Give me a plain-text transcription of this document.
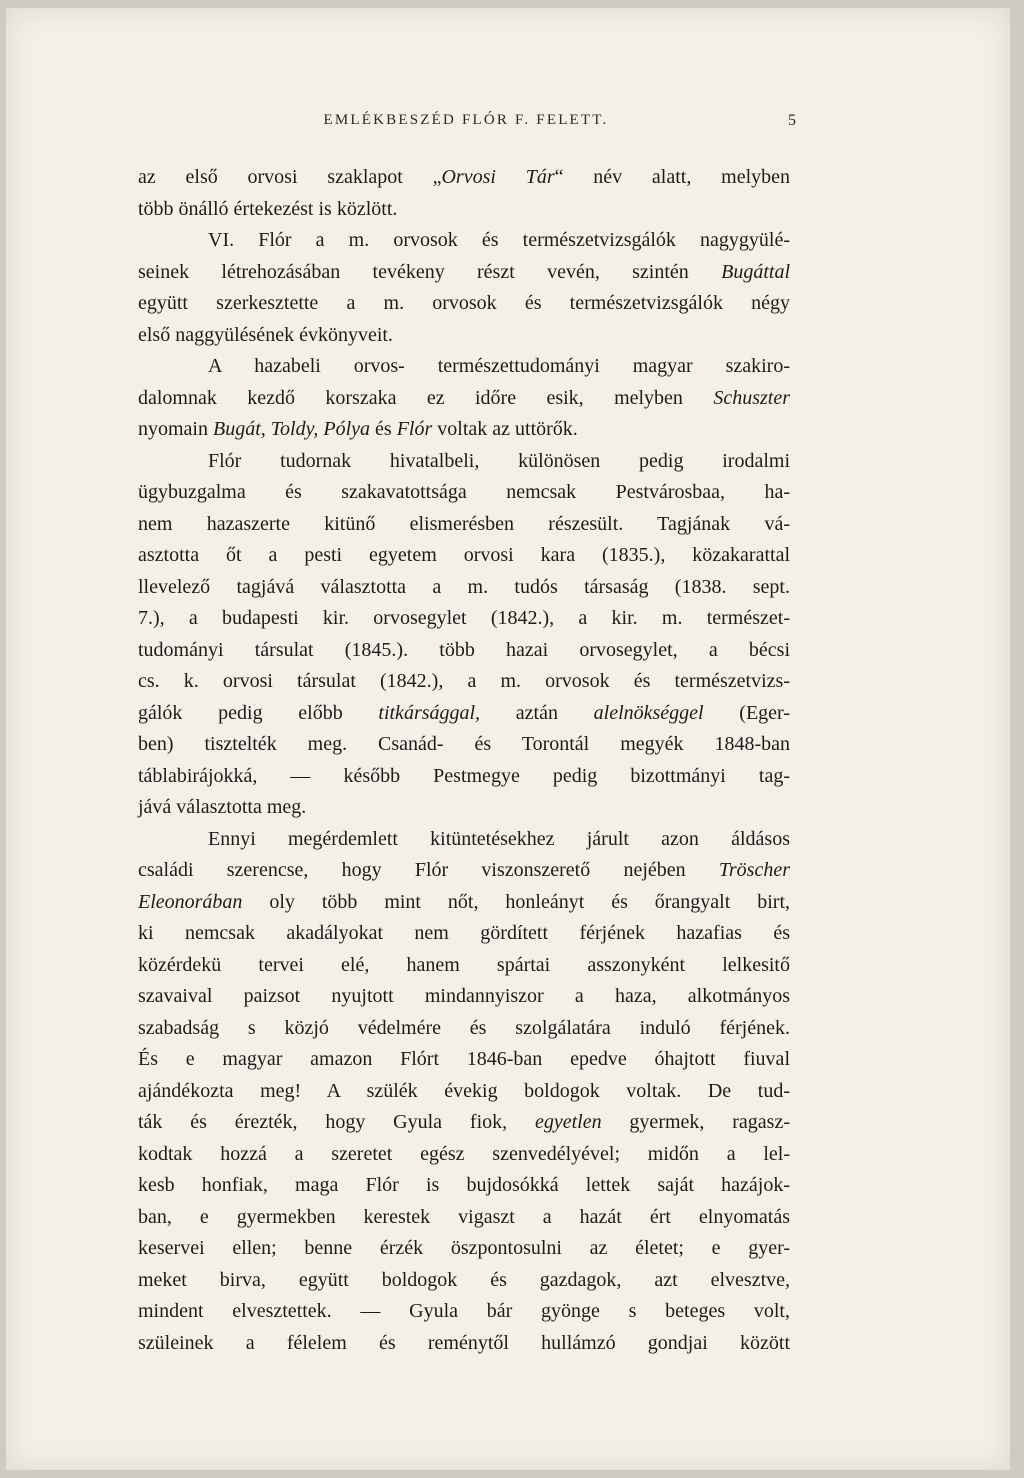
EMLÉKBESZÉD FLÓR F. FELETT.	5
az első orvosi szaklapot „Orvosi Tár“ név alatt, melyben
több önálló értekezést is közlött.
VI. Flór a m. orvosok és természetvizsgálók nagygyülé-
seinek létrehozásában tevékeny részt vevén, szintén Bugáttal
együtt szerkesztette a m. orvosok és természetvizsgálók négy
első naggyülésének évkönyveit.
A hazabeli orvos- természettudományi magyar szakiro-
dalomnak kezdő korszaka ez időre esik, melyben Schuszter
nyomain Bugát, Toldy, Pólya és Flór voltak az uttörők.
Flór tudornak hivatalbeli, különösen pedig irodalmi
ügybuzgalma és szakavatottsága nemcsak Pestvárosbaa, ha-
nem hazaszerte kitünő elismerésben részesült. Tagjának vá-
asztotta őt a pesti egyetem orvosi kara (1835.), közakarattal
llevelező tagjává választotta a m. tudós társaság (1838. sept.
7.), a budapesti kir. orvosegylet (1842.), a kir. m. természet-
tudományi társulat (1845.). több hazai orvosegylet, a bécsi
cs. k. orvosi társulat (1842.), a m. orvosok és természetvizs-
gálók pedig előbb titkársággal, aztán alelnökséggel (Eger-
ben) tisztelték meg. Csanád- és Torontál megyék 1848-ban
táblabirájokká, — később Pestmegye pedig bizottmányi tag-
jává választotta meg.
Ennyi megérdemlett kitüntetésekhez járult azon áldásos
családi szerencse, hogy Flór viszonszerető nejében Tröscher
Eleonorában oly több mint nőt, honleányt és őrangyalt birt,
ki nemcsak akadályokat nem gördített férjének hazafias és
közérdekü tervei elé, hanem spártai asszonyként lelkesitő
szavaival paizsot nyujtott mindannyiszor a haza, alkotmányos
szabadság s közjó védelmére és szolgálatára induló férjének.
És e magyar amazon Flórt 1846-ban epedve óhajtott fiuval
ajándékozta meg! A szülék évekig boldogok voltak. De tud-
ták és érezték, hogy Gyula fiok, egyetlen gyermek, ragasz-
kodtak hozzá a szeretet egész szenvedélyével; midőn a lel-
kesb honfiak, maga Flór is bujdosókká lettek saját hazájok-
ban, e gyermekben kerestek vigaszt a hazát ért elnyomatás
keservei ellen; benne érzék öszpontosulni az életet; e gyer-
meket birva, együtt boldogok és gazdagok, azt elvesztve,
mindent elvesztettek. — Gyula bár gyönge s beteges volt,
szüleinek a félelem és reménytől hullámzó gondjai között
